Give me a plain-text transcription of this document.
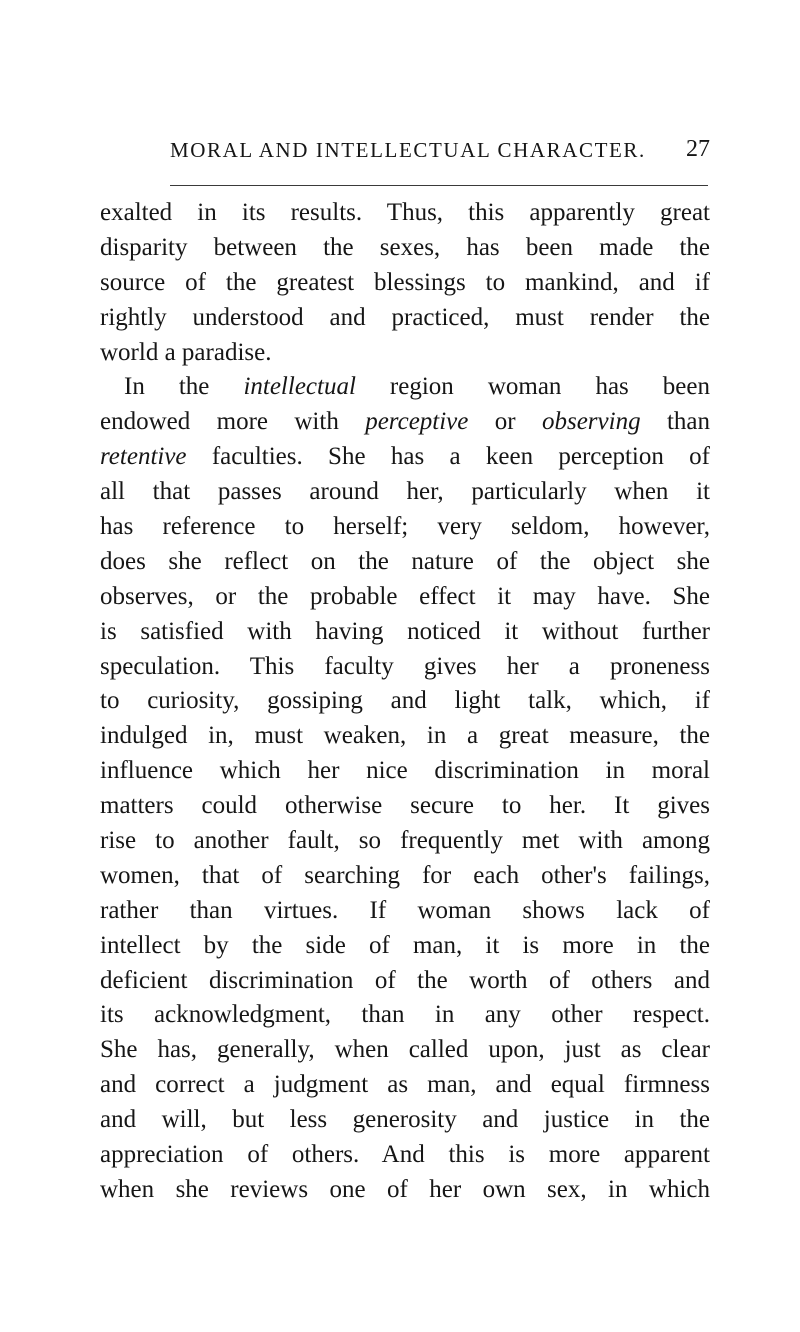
MORAL AND INTELLECTUAL CHARACTER. 27
exalted in its results. Thus, this apparently great
disparity between the sexes, has been made the
source of the greatest blessings to mankind, and if
rightly understood and practiced, must render the
world a paradise.
In the intellectual region woman has been
endowed more with perceptive or observing than
retentive faculties. She has a keen perception of
all that passes around her, particularly when it
has reference to herself; very seldom, however,
does she reflect on the nature of the object she
observes, or the probable effect it may have. She
is satisfied with having noticed it without further
speculation. This faculty gives her a proneness
to curiosity, gossiping and light talk, which, if
indulged in, must weaken, in a great measure, the
influence which her nice discrimination in moral
matters could otherwise secure to her. It gives
rise to another fault, so frequently met with among
women, that of searching for each other's failings,
rather than virtues. If woman shows lack of
intellect by the side of man, it is more in the
deficient discrimination of the worth of others and
its acknowledgment, than in any other respect.
She has, generally, when called upon, just as clear
and correct a judgment as man, and equal firmness
and will, but less generosity and justice in the
appreciation of others. And this is more apparent
when she reviews one of her own sex, in which
